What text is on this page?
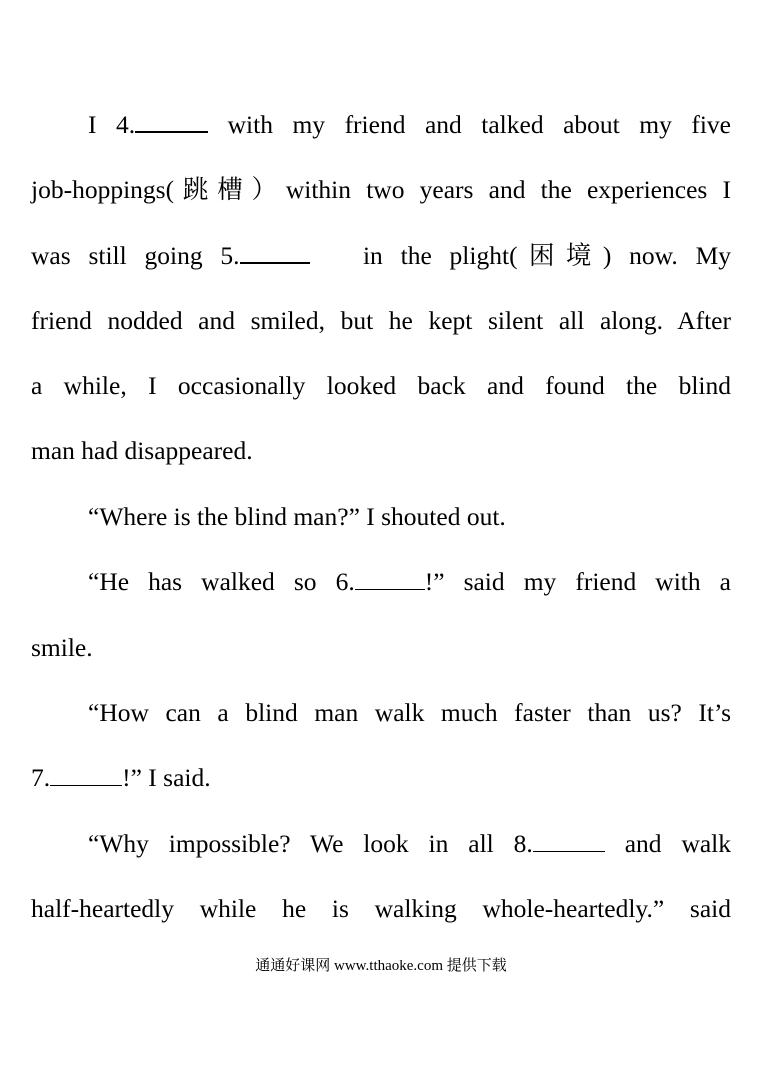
I 4.	with my friend and talked about my five
job-hoppings(跳槽）within two years and the experiences I
was still going 5.	in the plight(困境) now. My
friend nodded and smiled, but he kept silent all along. After
a while, I occasionally looked back and found the blind
man had disappeared.
“Where is the blind man?” I shouted out.
“He has walked so 6.	!” said my friend with a
smile.
“How can a blind man walk much faster than us? It’s
7.	!” I said.
“Why impossible? We look in all 8.	and walk
half-heartedly while he is walking whole-heartedly.” said
通通好课网 www.tthaoke.com 提供下载
